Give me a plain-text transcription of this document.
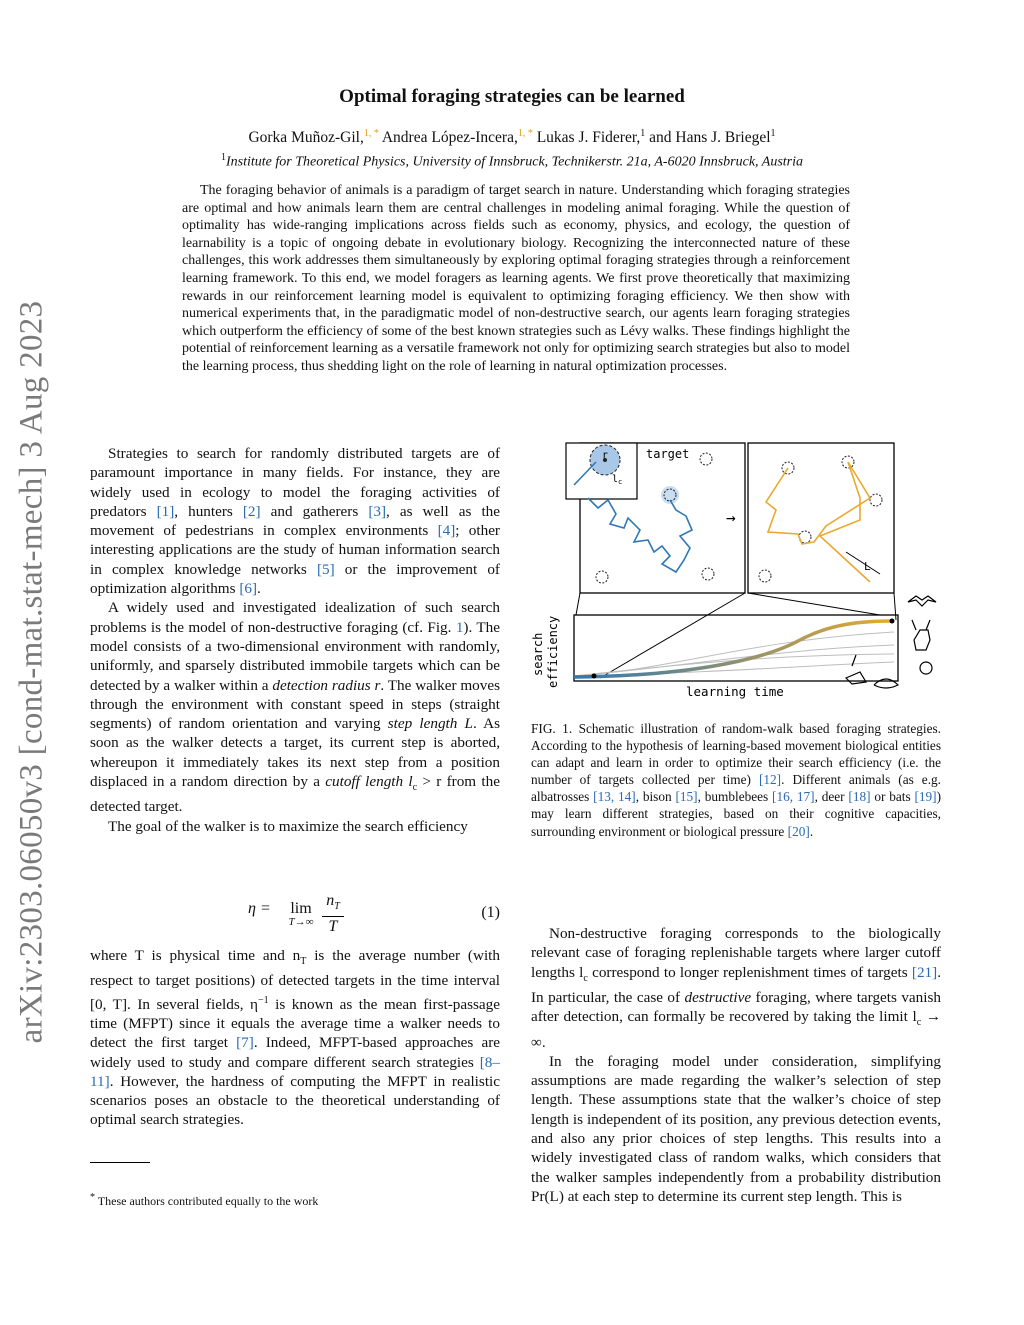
arXiv:2303.06050v3 [cond-mat.stat-mech] 3 Aug 2023
Optimal foraging strategies can be learned
Gorka Muñoz-Gil,$^{1, *}$ Andrea López-Incera,$^{1, *}$ Lukas J. Fiderer,$^1$ and Hans J. Briegel$^1$
$^1$Institute for Theoretical Physics, University of Innsbruck, Technikerstr. 21a, A-6020 Innsbruck, Austria
The foraging behavior of animals is a paradigm of target search in nature. Understanding which foraging strategies are optimal and how animals learn them are central challenges in modeling animal foraging. While the question of optimality has wide-ranging implications across fields such as economy, physics, and ecology, the question of learnability is a topic of ongoing debate in evolutionary biology. Recognizing the interconnected nature of these challenges, this work addresses them simultaneously by exploring optimal foraging strategies through a reinforcement learning framework. To this end, we model foragers as learning agents. We first prove theoretically that maximizing rewards in our reinforcement learning model is equivalent to optimizing foraging efficiency. We then show with numerical experiments that, in the paradigmatic model of non-destructive search, our agents learn foraging strategies which outperform the efficiency of some of the best known strategies such as Lévy walks. These findings highlight the potential of reinforcement learning as a versatile framework not only for optimizing search strategies but also to model the learning process, thus shedding light on the role of learning in natural optimization processes.

Strategies to search for randomly distributed targets are of paramount importance in many fields. For instance, they are widely used in ecology to model the foraging activities of predators [1], hunters [2] and gatherers [3], as well as the movement of pedestrians in complex environments [4]; other interesting applications are the study of human information search in complex knowledge networks [5] or the improvement of optimization algorithms [6].

A widely used and investigated idealization of such search problems is the model of non-destructive foraging (cf. Fig. 1). The model consists of a two-dimensional environment with randomly, uniformly, and sparsely distributed immobile targets which can be detected by a walker within a detection radius r. The walker moves through the environment with constant speed in steps (straight segments) of random orientation and varying step length L. As soon as the walker detects a target, its current step is aborted, whereupon it immediately takes its next step from a position displaced in a random direction by a cutoff length $l_c > r$ from the detected target.

The goal of the walker is to maximize the search efficiency

η =	lim
T→∞
$n_T$
T
(1)

where T is physical time and $n_T$ is the average number (with respect to target positions) of detected targets in the time interval [0, T]. In several fields, $\eta^{-1}$ is known as the mean first-passage time (MFPT) since it equals the average time a walker needs to detect the first target [7]. Indeed, MFPT-based approaches are widely used to study and compare different search strategies [8–11]. However, the hardness of computing the MFPT in realistic scenarios poses an obstacle to the theoretical understanding of optimal search strategies.

* These authors contributed equally to the work
r
$l_c$
target
→
L
search efficiency
learning time
FIG. 1. Schematic illustration of random-walk based foraging strategies. According to the hypothesis of learning-based movement biological entities can adapt and learn in order to optimize their search efficiency (i.e. the number of targets collected per time) [12]. Different animals (as e.g. albatrosses [13, 14], bison [15], bumblebees [16, 17], deer [18] or bats [19]) may learn different strategies, based on their cognitive capacities, surrounding environment or biological pressure [20].

Non-destructive foraging corresponds to the biologically relevant case of foraging replenishable targets where larger cutoff lengths $l_c$ correspond to longer replenishment times of targets [21]. In particular, the case of destructive foraging, where targets vanish after detection, can formally be recovered by taking the limit $l_c$ → ∞.

In the foraging model under consideration, simplifying assumptions are made regarding the walker’s selection of step length. These assumptions state that the walker’s choice of step length is independent of its position, any previous detection events, and also any prior choices of step lengths. This results into a widely investigated class of random walks, which considers that the walker samples independently from a probability distribution Pr(L) at each step to determine its current step length. This is
